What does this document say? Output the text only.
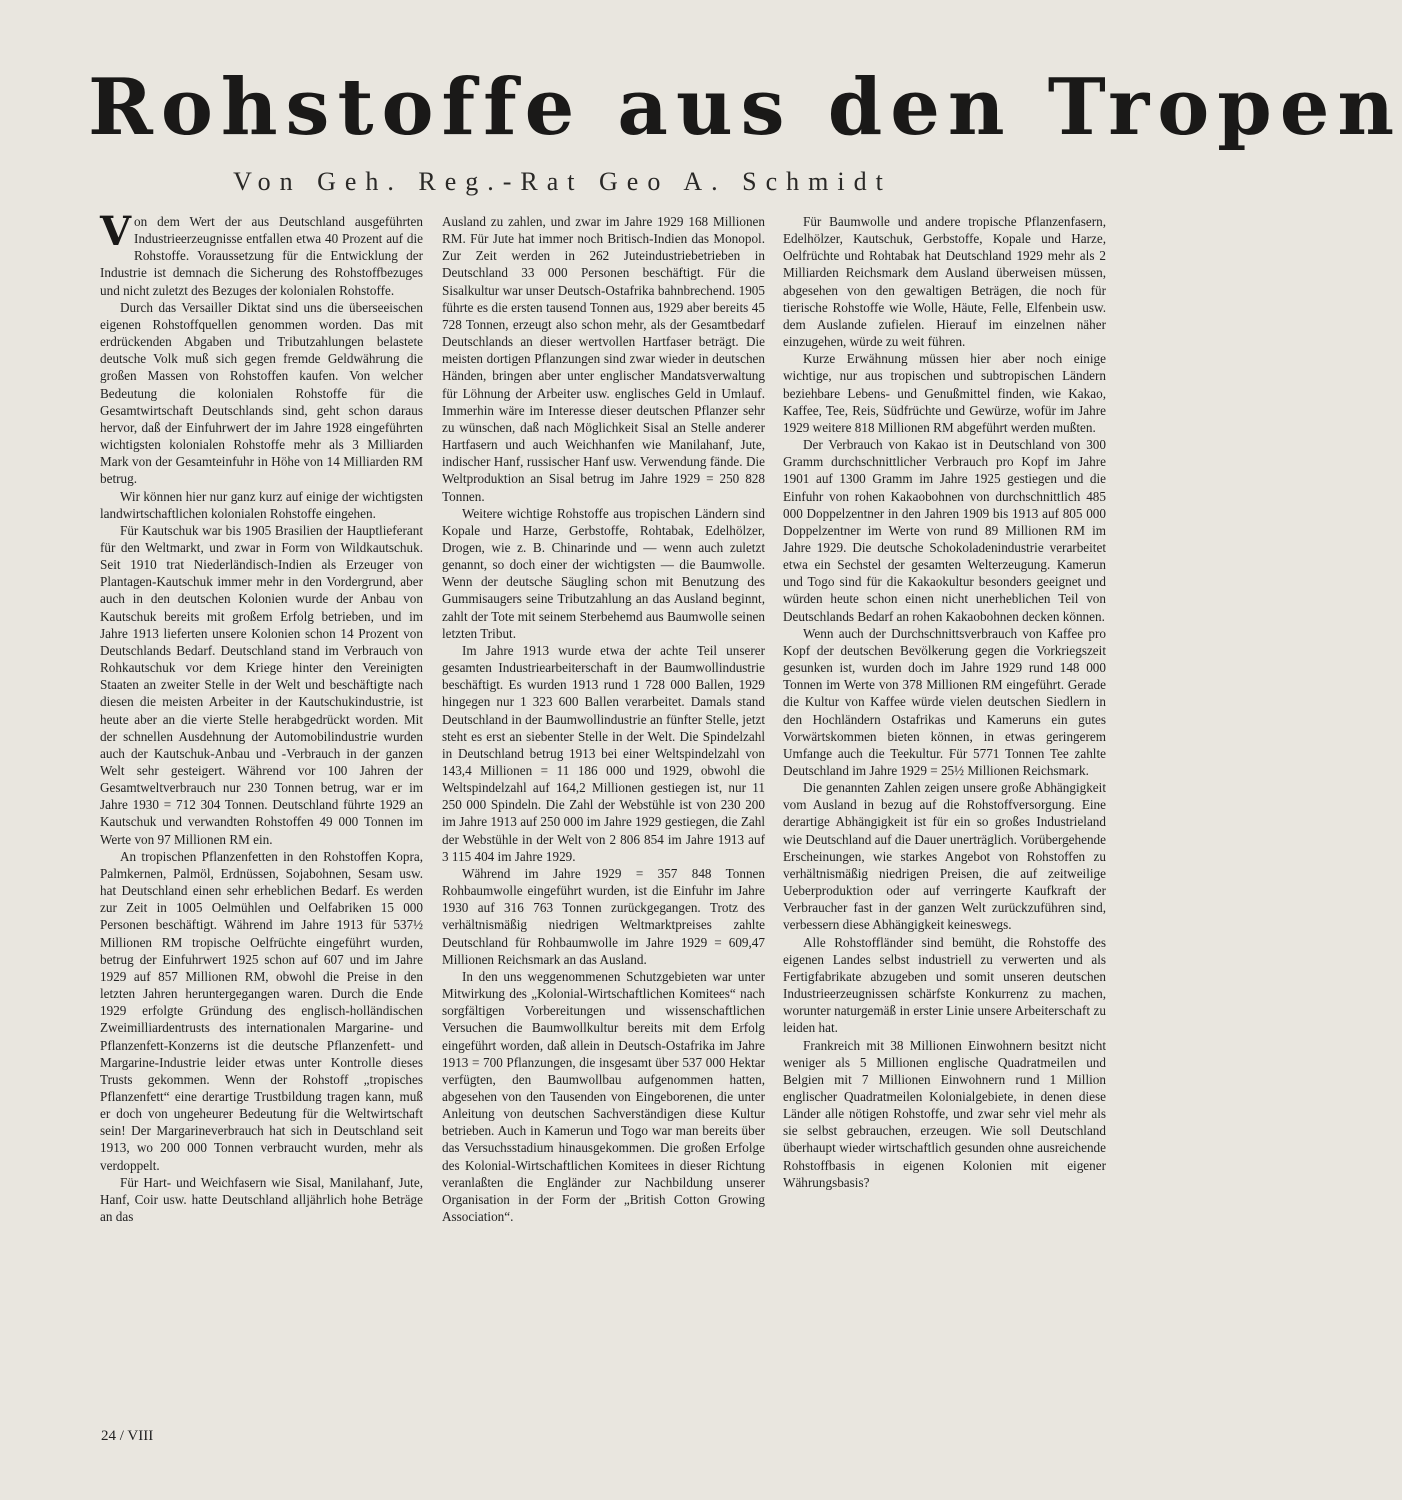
Rohstoffe aus den Tropen
Von Geh. Reg.-Rat Geo A. Schmidt

Von dem Wert der aus Deutschland ausgeführten Industrieerzeugnisse entfallen etwa 40 Prozent auf die Rohstoffe. Voraussetzung für die Entwicklung der Industrie ist demnach die Sicherung des Rohstoffbezuges und nicht zuletzt des Bezuges der kolonialen Rohstoffe.

Durch das Versailler Diktat sind uns die überseeischen eigenen Rohstoffquellen genommen worden. Das mit erdrückenden Abgaben und Tributzahlungen belastete deutsche Volk muß sich gegen fremde Geldwährung die großen Massen von Rohstoffen kaufen. Von welcher Bedeutung die kolonialen Rohstoffe für die Gesamtwirtschaft Deutschlands sind, geht schon daraus hervor, daß der Einfuhrwert der im Jahre 1928 eingeführten wichtigsten kolonialen Rohstoffe mehr als 3 Milliarden Mark von der Gesamteinfuhr in Höhe von 14 Milliarden RM betrug.

Wir können hier nur ganz kurz auf einige der wichtigsten landwirtschaftlichen kolonialen Rohstoffe eingehen.

Für Kautschuk war bis 1905 Brasilien der Hauptlieferant für den Weltmarkt, und zwar in Form von Wildkautschuk. Seit 1910 trat Niederländisch-Indien als Erzeuger von Plantagen-Kautschuk immer mehr in den Vordergrund, aber auch in den deutschen Kolonien wurde der Anbau von Kautschuk bereits mit großem Erfolg betrieben, und im Jahre 1913 lieferten unsere Kolonien schon 14 Prozent von Deutschlands Bedarf. Deutschland stand im Verbrauch von Rohkautschuk vor dem Kriege hinter den Vereinigten Staaten an zweiter Stelle in der Welt und beschäftigte nach diesen die meisten Arbeiter in der Kautschukindustrie, ist heute aber an die vierte Stelle herabgedrückt worden. Mit der schnellen Ausdehnung der Automobilindustrie wurden auch der Kautschuk-Anbau und -Verbrauch in der ganzen Welt sehr gesteigert. Während vor 100 Jahren der Gesamtweltverbrauch nur 230 Tonnen betrug, war er im Jahre 1930 = 712 304 Tonnen. Deutschland führte 1929 an Kautschuk und verwandten Rohstoffen 49 000 Tonnen im Werte von 97 Millionen RM ein.

An tropischen Pflanzenfetten in den Rohstoffen Kopra, Palmkernen, Palmöl, Erdnüssen, Sojabohnen, Sesam usw. hat Deutschland einen sehr erheblichen Bedarf. Es werden zur Zeit in 1005 Oelmühlen und Oelfabriken 15 000 Personen beschäftigt. Während im Jahre 1913 für 537½ Millionen RM tropische Oelfrüchte eingeführt wurden, betrug der Einfuhrwert 1925 schon auf 607 und im Jahre 1929 auf 857 Millionen RM, obwohl die Preise in den letzten Jahren heruntergegangen waren. Durch die Ende 1929 erfolgte Gründung des englisch-holländischen Zweimilliardentrusts des internationalen Margarine- und Pflanzenfett-Konzerns ist die deutsche Pflanzenfett- und Margarine-Industrie leider etwas unter Kontrolle dieses Trusts gekommen. Wenn der Rohstoff „tropisches Pflanzenfett“ eine derartige Trustbildung tragen kann, muß er doch von ungeheurer Bedeutung für die Weltwirtschaft sein! Der Margarineverbrauch hat sich in Deutschland seit 1913, wo 200 000 Tonnen verbraucht wurden, mehr als verdoppelt.

Für Hart- und Weichfasern wie Sisal, Manilahanf, Jute, Hanf, Coir usw. hatte Deutschland alljährlich hohe Beträge an das

Ausland zu zahlen, und zwar im Jahre 1929 168 Millionen RM. Für Jute hat immer noch Britisch-Indien das Monopol. Zur Zeit werden in 262 Juteindustriebetrieben in Deutschland 33 000 Personen beschäftigt. Für die Sisalkultur war unser Deutsch-Ostafrika bahnbrechend. 1905 führte es die ersten tausend Tonnen aus, 1929 aber bereits 45 728 Tonnen, erzeugt also schon mehr, als der Gesamtbedarf Deutschlands an dieser wertvollen Hartfaser beträgt. Die meisten dortigen Pflanzungen sind zwar wieder in deutschen Händen, bringen aber unter englischer Mandatsverwaltung für Löhnung der Arbeiter usw. englisches Geld in Umlauf. Immerhin wäre im Interesse dieser deutschen Pflanzer sehr zu wünschen, daß nach Möglichkeit Sisal an Stelle anderer Hartfasern und auch Weichhanfen wie Manilahanf, Jute, indischer Hanf, russischer Hanf usw. Verwendung fände. Die Weltproduktion an Sisal betrug im Jahre 1929 = 250 828 Tonnen.

Weitere wichtige Rohstoffe aus tropischen Ländern sind Kopale und Harze, Gerbstoffe, Rohtabak, Edelhölzer, Drogen, wie z. B. Chinarinde und — wenn auch zuletzt genannt, so doch einer der wichtigsten — die Baumwolle. Wenn der deutsche Säugling schon mit Benutzung des Gummisaugers seine Tributzahlung an das Ausland beginnt, zahlt der Tote mit seinem Sterbehemd aus Baumwolle seinen letzten Tribut.

Im Jahre 1913 wurde etwa der achte Teil unserer gesamten Industriearbeiterschaft in der Baumwollindustrie beschäftigt. Es wurden 1913 rund 1 728 000 Ballen, 1929 hingegen nur 1 323 600 Ballen verarbeitet. Damals stand Deutschland in der Baumwollindustrie an fünfter Stelle, jetzt steht es erst an siebenter Stelle in der Welt. Die Spindelzahl in Deutschland betrug 1913 bei einer Weltspindelzahl von 143,4 Millionen = 11 186 000 und 1929, obwohl die Weltspindelzahl auf 164,2 Millionen gestiegen ist, nur 11 250 000 Spindeln. Die Zahl der Webstühle ist von 230 200 im Jahre 1913 auf 250 000 im Jahre 1929 gestiegen, die Zahl der Webstühle in der Welt von 2 806 854 im Jahre 1913 auf 3 115 404 im Jahre 1929.

Während im Jahre 1929 = 357 848 Tonnen Rohbaumwolle eingeführt wurden, ist die Einfuhr im Jahre 1930 auf 316 763 Tonnen zurückgegangen. Trotz des verhältnismäßig niedrigen Weltmarktpreises zahlte Deutschland für Rohbaumwolle im Jahre 1929 = 609,47 Millionen Reichsmark an das Ausland.

In den uns weggenommenen Schutzgebieten war unter Mitwirkung des „Kolonial-Wirtschaftlichen Komitees“ nach sorgfältigen Vorbereitungen und wissenschaftlichen Versuchen die Baumwollkultur bereits mit dem Erfolg eingeführt worden, daß allein in Deutsch-Ostafrika im Jahre 1913 = 700 Pflanzungen, die insgesamt über 537 000 Hektar verfügten, den Baumwollbau aufgenommen hatten, abgesehen von den Tausenden von Eingeborenen, die unter Anleitung von deutschen Sachverständigen diese Kultur betrieben. Auch in Kamerun und Togo war man bereits über das Versuchsstadium hinausgekommen. Die großen Erfolge des Kolonial-Wirtschaftlichen Komitees in dieser Richtung veranlaßten die Engländer zur Nachbildung unserer Organisation in der Form der „British Cotton Growing Association“.

Für Baumwolle und andere tropische Pflanzenfasern, Edelhölzer, Kautschuk, Gerbstoffe, Kopale und Harze, Oelfrüchte und Rohtabak hat Deutschland 1929 mehr als 2 Milliarden Reichsmark dem Ausland überweisen müssen, abgesehen von den gewaltigen Beträgen, die noch für tierische Rohstoffe wie Wolle, Häute, Felle, Elfenbein usw. dem Auslande zufielen. Hierauf im einzelnen näher einzugehen, würde zu weit führen.

Kurze Erwähnung müssen hier aber noch einige wichtige, nur aus tropischen und subtropischen Ländern beziehbare Lebens- und Genußmittel finden, wie Kakao, Kaffee, Tee, Reis, Südfrüchte und Gewürze, wofür im Jahre 1929 weitere 818 Millionen RM abgeführt werden mußten.

Der Verbrauch von Kakao ist in Deutschland von 300 Gramm durchschnittlicher Verbrauch pro Kopf im Jahre 1901 auf 1300 Gramm im Jahre 1925 gestiegen und die Einfuhr von rohen Kakaobohnen von durchschnittlich 485 000 Doppelzentner in den Jahren 1909 bis 1913 auf 805 000 Doppelzentner im Werte von rund 89 Millionen RM im Jahre 1929. Die deutsche Schokoladenindustrie verarbeitet etwa ein Sechstel der gesamten Welterzeugung. Kamerun und Togo sind für die Kakaokultur besonders geeignet und würden heute schon einen nicht unerheblichen Teil von Deutschlands Bedarf an rohen Kakaobohnen decken können.

Wenn auch der Durchschnittsverbrauch von Kaffee pro Kopf der deutschen Bevölkerung gegen die Vorkriegszeit gesunken ist, wurden doch im Jahre 1929 rund 148 000 Tonnen im Werte von 378 Millionen RM eingeführt. Gerade die Kultur von Kaffee würde vielen deutschen Siedlern in den Hochländern Ostafrikas und Kameruns ein gutes Vorwärtskommen bieten können, in etwas geringerem Umfange auch die Teekultur. Für 5771 Tonnen Tee zahlte Deutschland im Jahre 1929 = 25½ Millionen Reichsmark.

Die genannten Zahlen zeigen unsere große Abhängigkeit vom Ausland in bezug auf die Rohstoffversorgung. Eine derartige Abhängigkeit ist für ein so großes Industrieland wie Deutschland auf die Dauer unerträglich. Vorübergehende Erscheinungen, wie starkes Angebot von Rohstoffen zu verhältnismäßig niedrigen Preisen, die auf zeitweilige Ueberproduktion oder auf verringerte Kaufkraft der Verbraucher fast in der ganzen Welt zurückzuführen sind, verbessern diese Abhängigkeit keineswegs.

Alle Rohstoffländer sind bemüht, die Rohstoffe des eigenen Landes selbst industriell zu verwerten und als Fertigfabrikate abzugeben und somit unseren deutschen Industrieerzeugnissen schärfste Konkurrenz zu machen, worunter naturgemäß in erster Linie unsere Arbeiterschaft zu leiden hat.

Frankreich mit 38 Millionen Einwohnern besitzt nicht weniger als 5 Millionen englische Quadratmeilen und Belgien mit 7 Millionen Einwohnern rund 1 Million englischer Quadratmeilen Kolonialgebiete, in denen diese Länder alle nötigen Rohstoffe, und zwar sehr viel mehr als sie selbst gebrauchen, erzeugen. Wie soll Deutschland überhaupt wieder wirtschaftlich gesunden ohne ausreichende Rohstoffbasis in eigenen Kolonien mit eigener Währungsbasis?

24 / VIII
